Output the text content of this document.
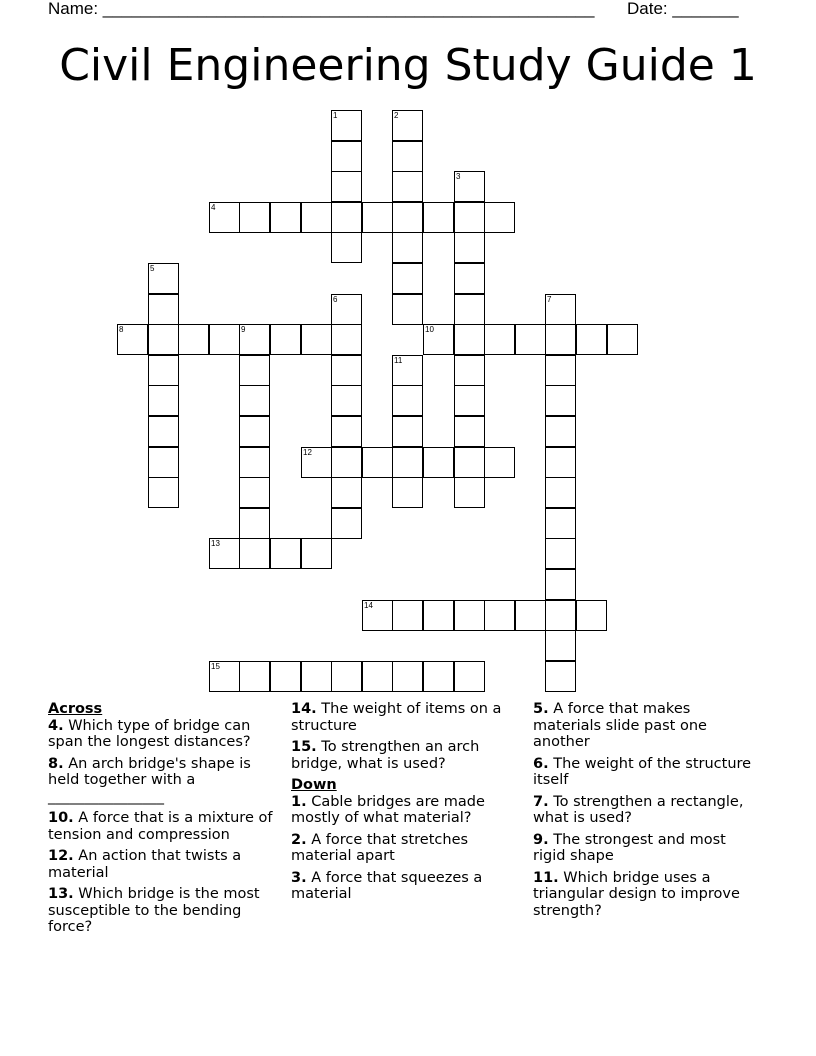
Name: ____________________________________________________ Date: _______
Civil Engineering Study Guide 1
1	2
3
4
5
6	7
8	9	10
11
12
13
14
15
Across
4. Which type of bridge can span the longest distances?
8. An arch bridge's shape is held together with a ________________
10. A force that is a mixture of tension and compression
12. An action that twists a material
13. Which bridge is the most susceptible to the bending force?
14. The weight of items on a structure
15. To strengthen an arch bridge, what is used?
Down
1. Cable bridges are made mostly of what material?
2. A force that stretches material apart
3. A force that squeezes a material
5. A force that makes materials slide past one another
6. The weight of the structure itself
7. To strengthen a rectangle, what is used?
9. The strongest and most rigid shape
11. Which bridge uses a triangular design to improve strength?
